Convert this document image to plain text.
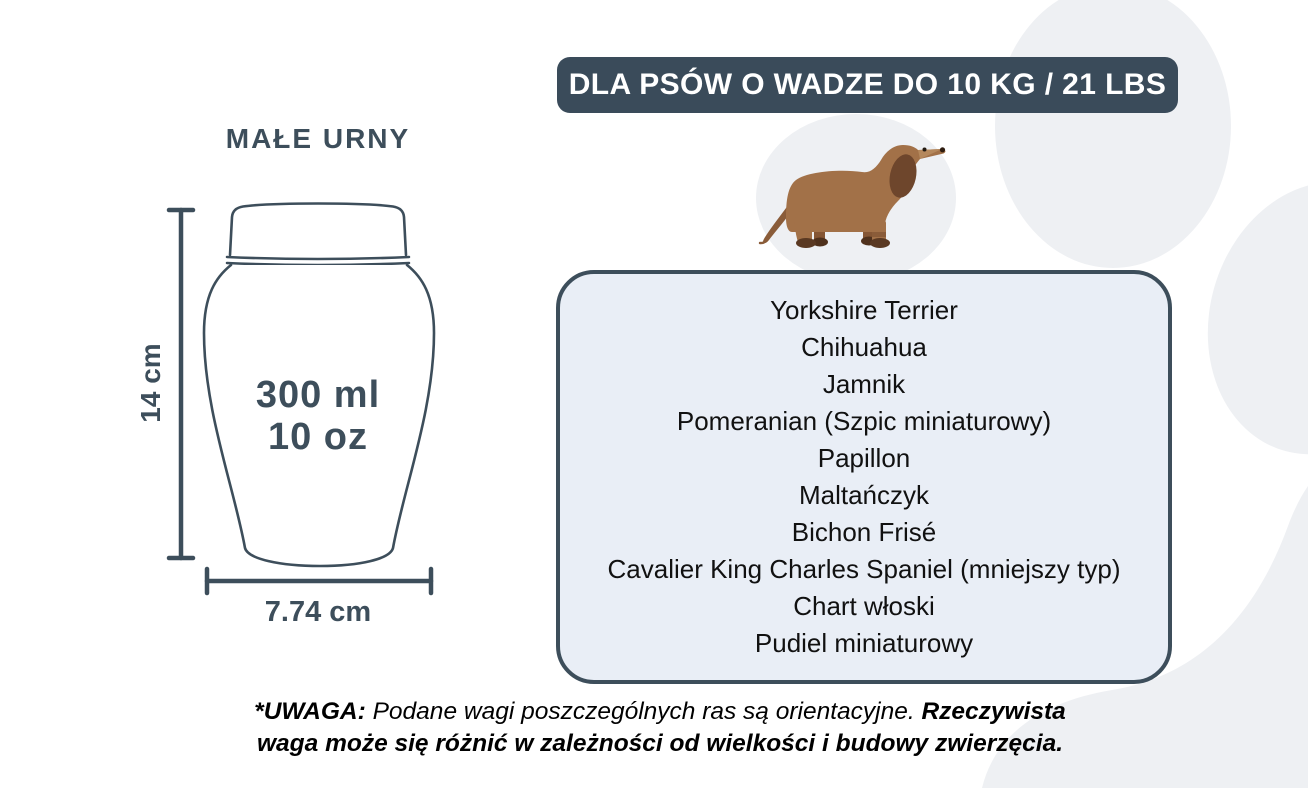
DLA PSÓW O WADZE DO 10 KG / 21 LBS
MAŁE URNY
300 ml
10 oz
14 cm
7.74 cm
Yorkshire Terrier
Chihuahua
Jamnik
Pomeranian (Szpic miniaturowy)
Papillon
Maltańczyk
Bichon Frisé
Cavalier King Charles Spaniel (mniejszy typ)
Chart włoski
Pudiel miniaturowy
*UWAGA: Podane wagi poszczególnych ras są orientacyjne. Rzeczywista
waga może się różnić w zależności od wielkości i budowy zwierzęcia.
